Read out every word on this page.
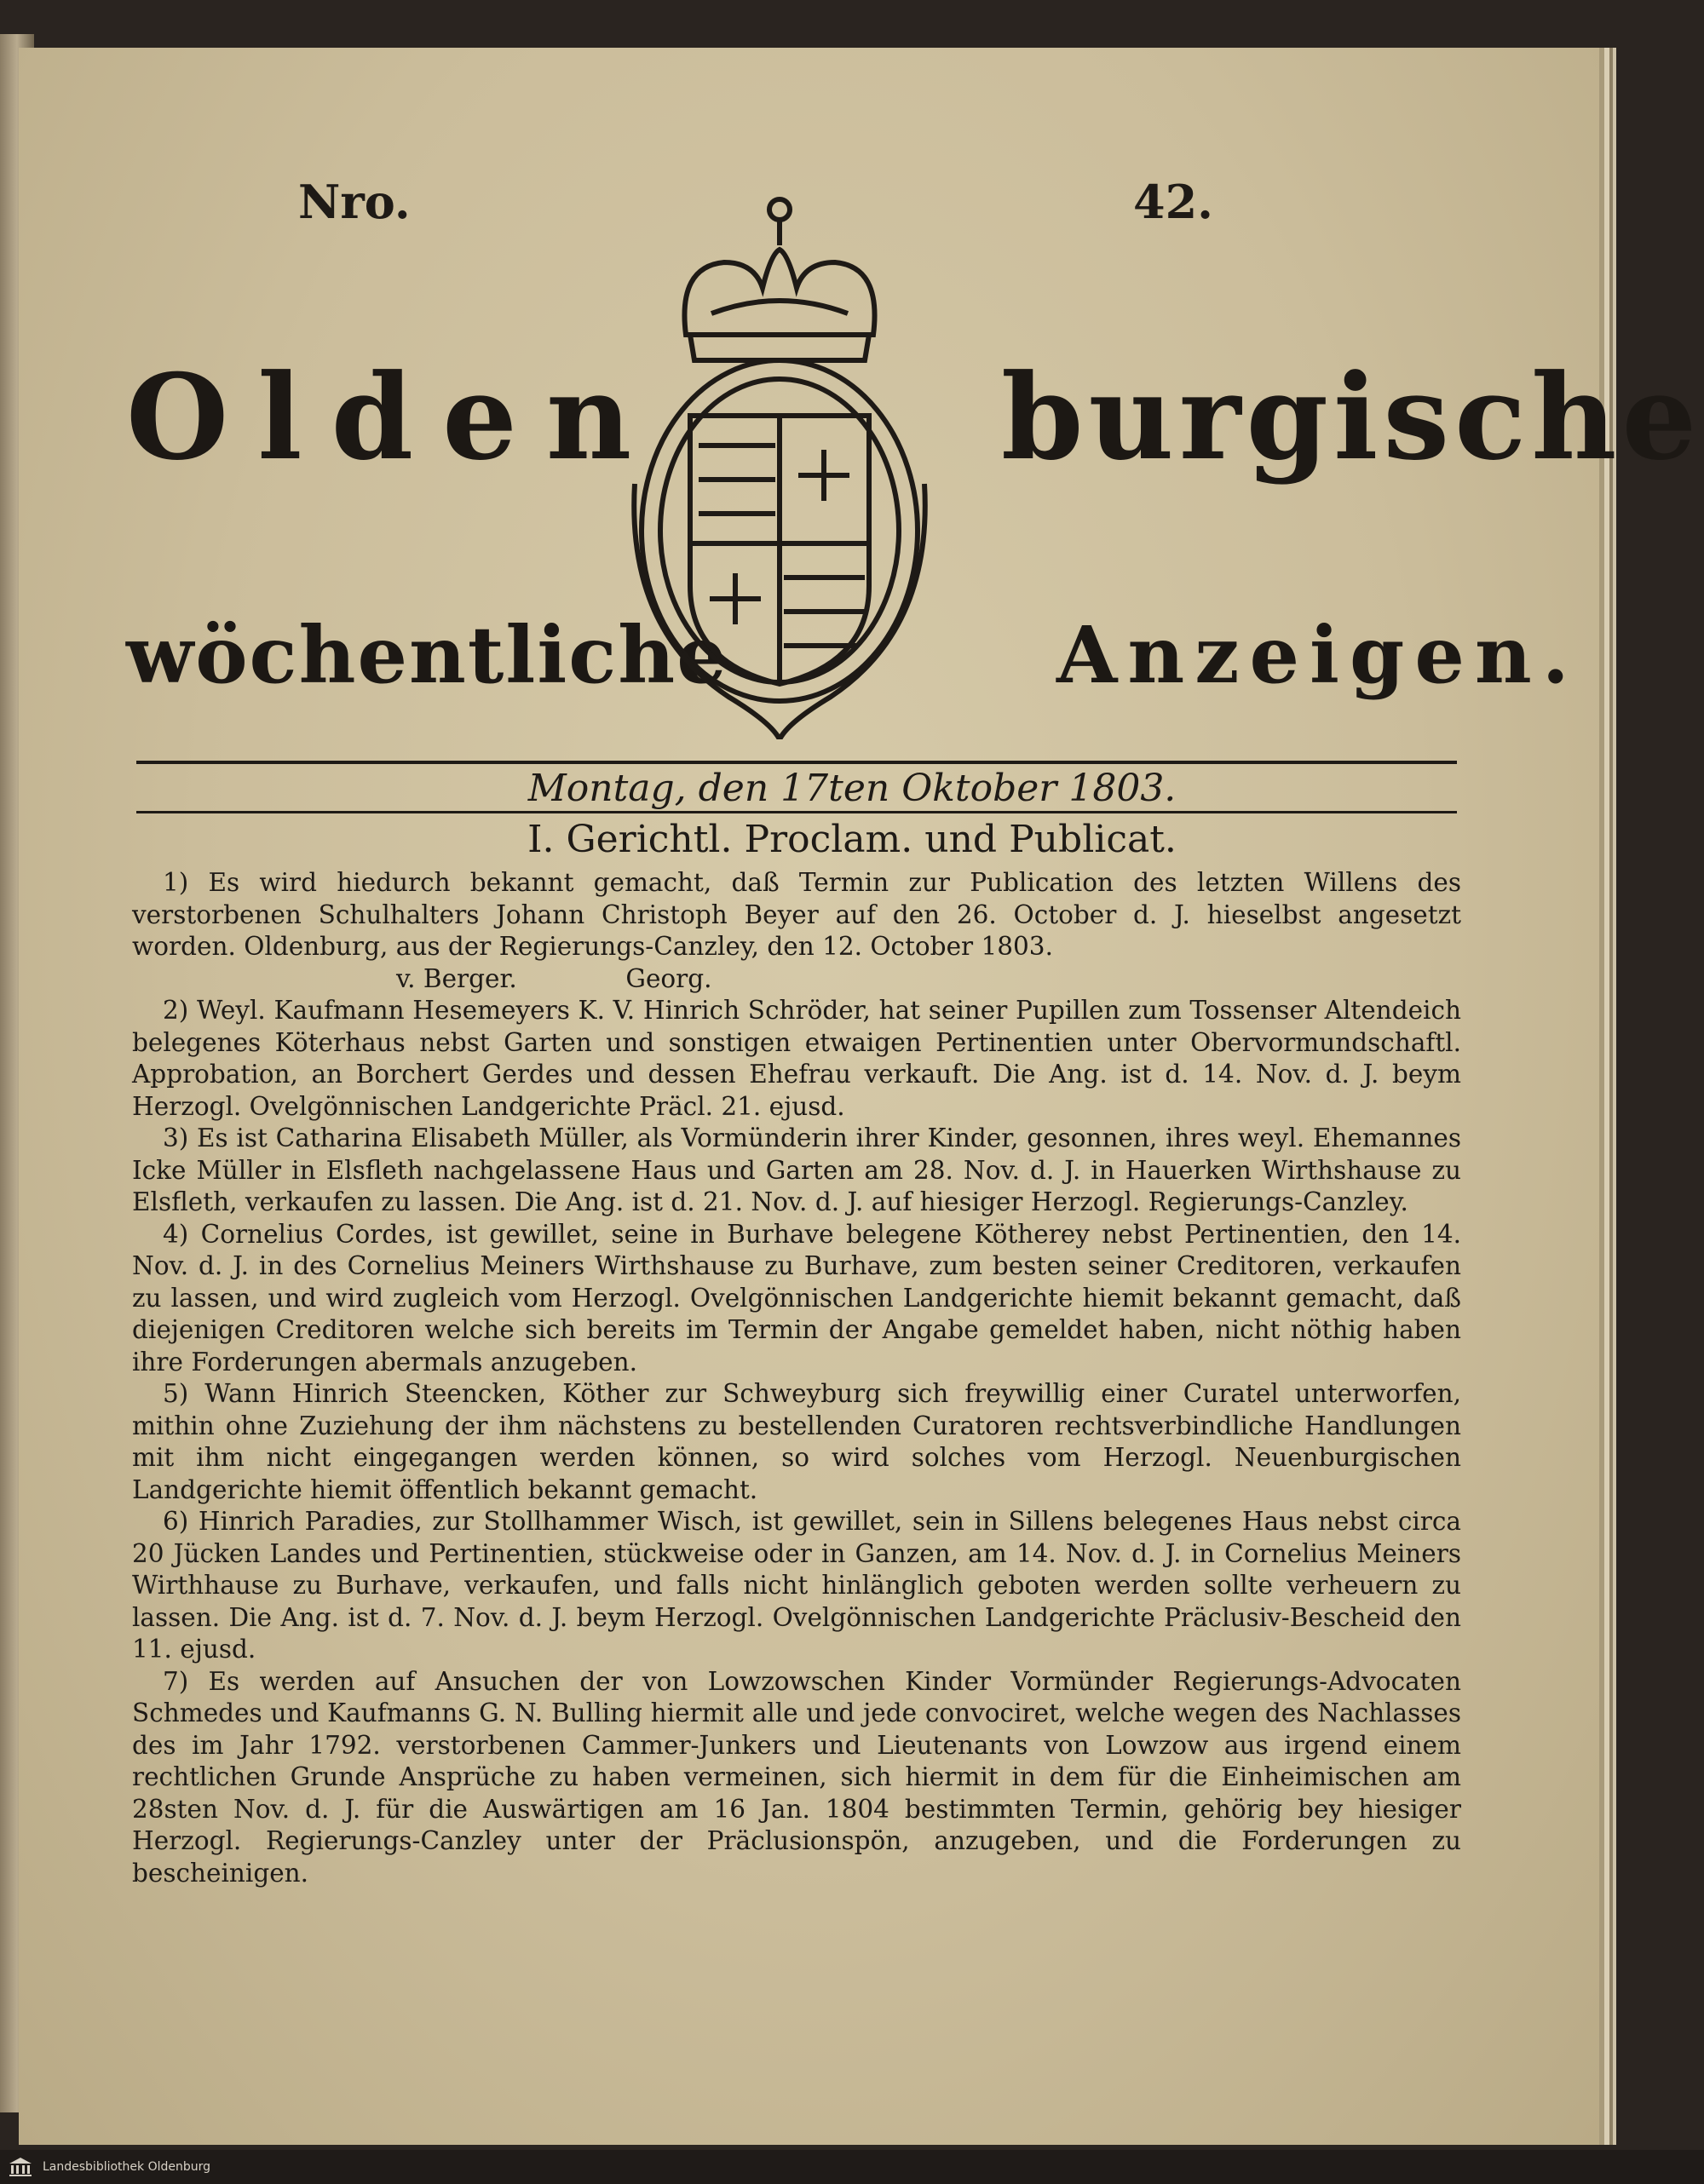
Nro.	42.
Olden	burgische
wöchentliche	Anzeigen.
Montag, den 17ten Oktober 1803.
I. Gerichtl. Proclam. und Publicat.

1) Es wird hiedurch bekannt gemacht, daß Termin zur Publication des letzten Willens des verstorbenen Schulhalters Johann Christoph Beyer auf den 26. October d. J. hieselbst angesetzt worden. Oldenburg, aus der Regierungs-Canzley, den 12. October 1803.

v. Berger.	Georg.

2) Weyl. Kaufmann Hesemeyers K. V. Hinrich Schröder, hat seiner Pupillen zum Tossenser Altendeich belegenes Köterhaus nebst Garten und sonstigen etwaigen Pertinentien unter Obervormundschaftl. Approbation, an Borchert Gerdes und dessen Ehefrau verkauft. Die Ang. ist d. 14. Nov. d. J. beym Herzogl. Ovelgönnischen Landgerichte Präcl. 21. ejusd.

3) Es ist Catharina Elisabeth Müller, als Vormünderin ihrer Kinder, gesonnen, ihres weyl. Ehemannes Icke Müller in Elsfleth nachgelassene Haus und Garten am 28. Nov. d. J. in Hauerken Wirthshause zu Elsfleth, verkaufen zu lassen. Die Ang. ist d. 21. Nov. d. J. auf hiesiger Herzogl. Regierungs-Canzley.

4) Cornelius Cordes, ist gewillet, seine in Burhave belegene Kötherey nebst Pertinentien, den 14. Nov. d. J. in des Cornelius Meiners Wirthshause zu Burhave, zum besten seiner Creditoren, verkaufen zu lassen, und wird zugleich vom Herzogl. Ovelgönnischen Landgerichte hiemit bekannt gemacht, daß diejenigen Creditoren welche sich bereits im Termin der Angabe gemeldet haben, nicht nöthig haben ihre Forderungen abermals anzugeben.

5) Wann Hinrich Steencken, Köther zur Schweyburg sich freywillig einer Curatel unterworfen, mithin ohne Zuziehung der ihm nächstens zu bestellenden Curatoren rechtsverbindliche Handlungen mit ihm nicht eingegangen werden können, so wird solches vom Herzogl. Neuenburgischen Landgerichte hiemit öffentlich bekannt gemacht.

6) Hinrich Paradies, zur Stollhammer Wisch, ist gewillet, sein in Sillens belegenes Haus nebst circa 20 Jücken Landes und Pertinentien, stückweise oder in Ganzen, am 14. Nov. d. J. in Cornelius Meiners Wirthhause zu Burhave, verkaufen, und falls nicht hinlänglich geboten werden sollte verheuern zu lassen. Die Ang. ist d. 7. Nov. d. J. beym Herzogl. Ovelgönnischen Landgerichte Präclusiv-Bescheid den 11. ejusd.

7) Es werden auf Ansuchen der von Lowzowschen Kinder Vormünder Regierungs-Advocaten Schmedes und Kaufmanns G. N. Bulling hiermit alle und jede convociret, welche wegen des Nachlasses des im Jahr 1792. verstorbenen Cammer-Junkers und Lieutenants von Lowzow aus irgend einem rechtlichen Grunde Ansprüche zu haben vermeinen, sich hiermit in dem für die Einheimischen am 28sten Nov. d. J. für die Auswärtigen am 16 Jan. 1804 bestimmten Termin, gehörig bey hiesiger Herzogl. Regierungs-Canzley unter der Präclusionspön, anzugeben, und die Forderungen zu bescheinigen.

Landesbibliothek Oldenburg
